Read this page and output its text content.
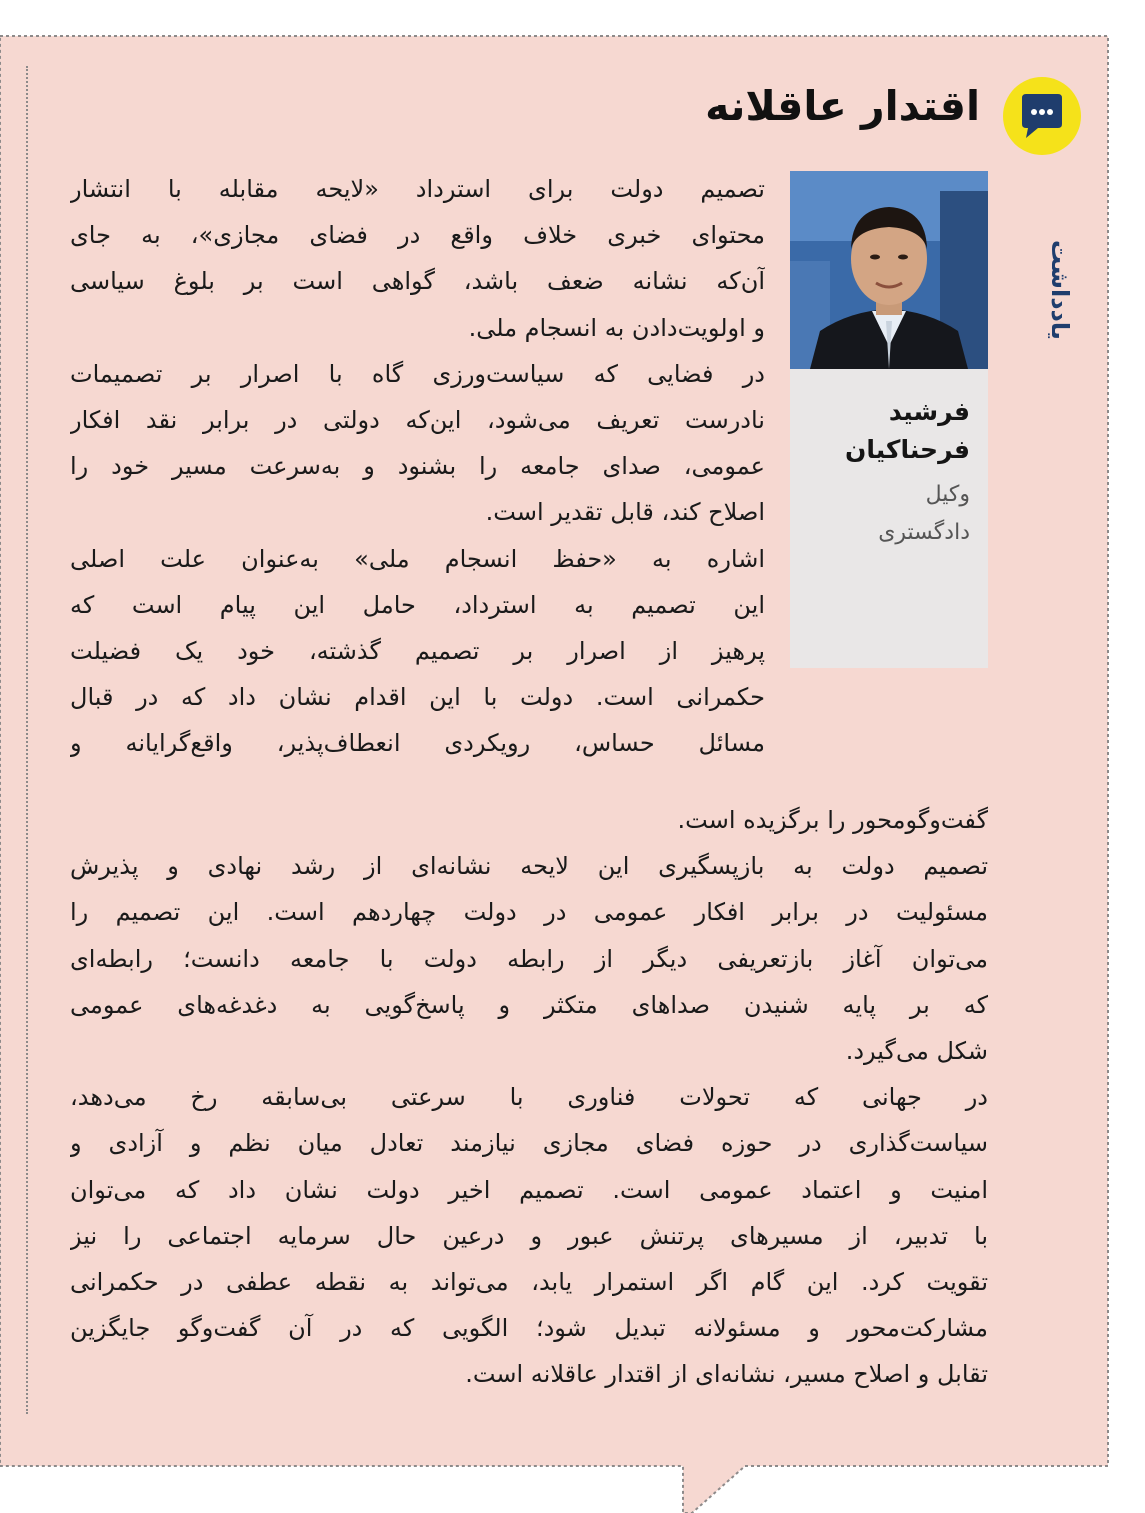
اقتدار عاقلانه
یادداشت
فرشید
فرحناکیان
وکیل
دادگستری
تصمیم دولت برای استرداد «لایحه مقابله با انتشار
محتوای خبری خلاف واقع در فضای مجازی»، به جای
آن‌که نشانه ضعف باشد، گواهی است بر بلوغ سیاسی
و اولویت‌دادن به انسجام ملی.
در فضایی که سیاست‌ورزی گاه با اصرار بر تصمیمات
نادرست تعریف می‌شود، این‌که دولتی در برابر نقد افکار
عمومی، صدای جامعه را بشنود و به‌سرعت مسیر خود را
اصلاح کند، قابل تقدیر است.
اشاره به «حفظ انسجام ملی» به‌عنوان علت اصلی
این تصمیم به استرداد، حامل این پیام است که
پرهیز از اصرار بر تصمیم گذشته، خود یک فضیلت
حکمرانی است. دولت با این اقدام نشان داد که در قبال
مسائل حساس، رویکردی انعطاف‌پذیر، واقع‌گرایانه و
گفت‌وگومحور را برگزیده است.
تصمیم دولت به بازپسگیری این لایحه نشانه‌ای از رشد نهادی و پذیرش
مسئولیت در برابر افکار عمومی در دولت چهاردهم است. این تصمیم را
می‌توان آغاز بازتعریفی دیگر از رابطه دولت با جامعه دانست؛ رابطه‌ای
که بر پایه شنیدن صداهای متکثر و پاسخ‌گویی به دغدغه‌های عمومی
شکل می‌گیرد.
در جهانی که تحولات فناوری با سرعتی بی‌سابقه رخ می‌دهد،
سیاست‌گذاری در حوزه فضای مجازی نیازمند تعادل میان نظم و آزادی و
امنیت و اعتماد عمومی است. تصمیم اخیر دولت نشان داد که می‌توان
با تدبیر، از مسیرهای پرتنش عبور و درعین حال سرمایه اجتماعی را نیز
تقویت کرد. این گام اگر استمرار یابد، می‌تواند به نقطه عطفی در حکمرانی
مشارکت‌محور و مسئولانه تبدیل شود؛ الگویی که در آن گفت‌وگو جایگزین
تقابل و اصلاح مسیر، نشانه‌ای از اقتدار عاقلانه است.
